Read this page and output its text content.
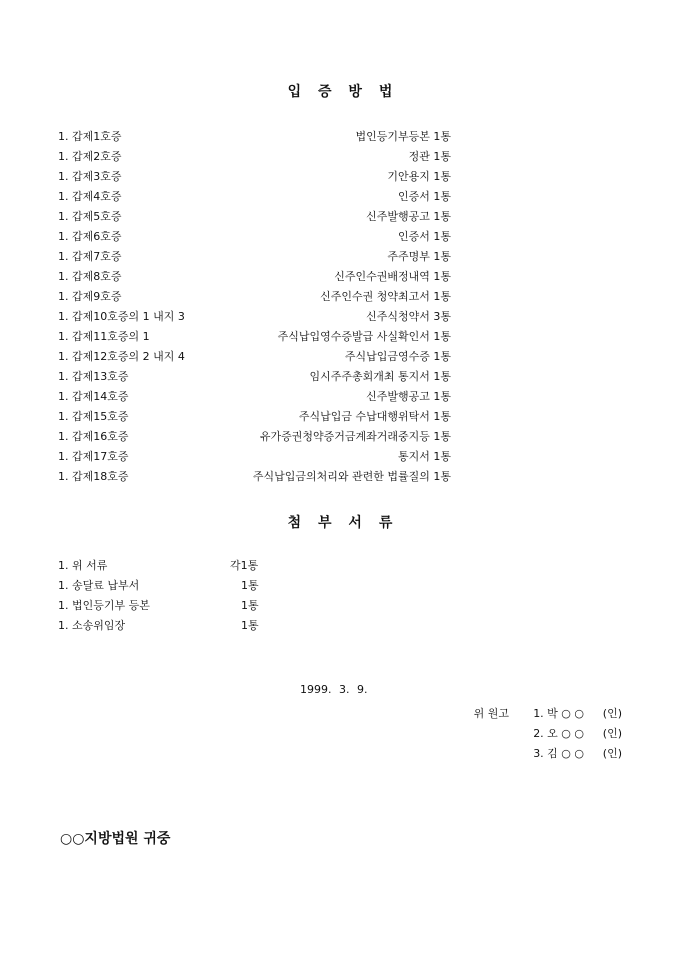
입 증 방 법
1. 갑제1호증	법인등기부등본 1통
1. 갑제2호증	정관 1통
1. 갑제3호증	기안용지 1통
1. 갑제4호증	인증서 1통
1. 갑제5호증	신주발행공고 1통
1. 갑제6호증	인증서 1통
1. 갑제7호증	주주명부 1통
1. 갑제8호증	신주인수권배정내역 1통
1. 갑제9호증	신주인수권 청약최고서 1통
1. 갑제10호증의 1 내지 3	신주식청약서 3통
1. 갑제11호증의 1	주식납입영수증발급 사실확인서 1통
1. 갑제12호증의 2 내지 4	주식납입금영수증 1통
1. 갑제13호증	임시주주총회개최 통지서 1통
1. 갑제14호증	신주발행공고 1통
1. 갑제15호증	주식납입금 수납대행위탁서 1통
1. 갑제16호증	유가증권청약증거금계좌거래중지등 1통
1. 갑제17호증	통지서 1통
1. 갑제18호증	주식납입금의처리와 관련한 법률질의 1통
첨 부 서 류
1. 위 서류	각1통
1. 송달료 납부서	1통
1. 법인등기부 등본	1통
1. 소송위임장	1통
1999. 3. 9.
위 원고 1. 박 ○ ○ (인)
2. 오 ○ ○ (인)
3. 김 ○ ○ (인)
○○지방법원 귀중
